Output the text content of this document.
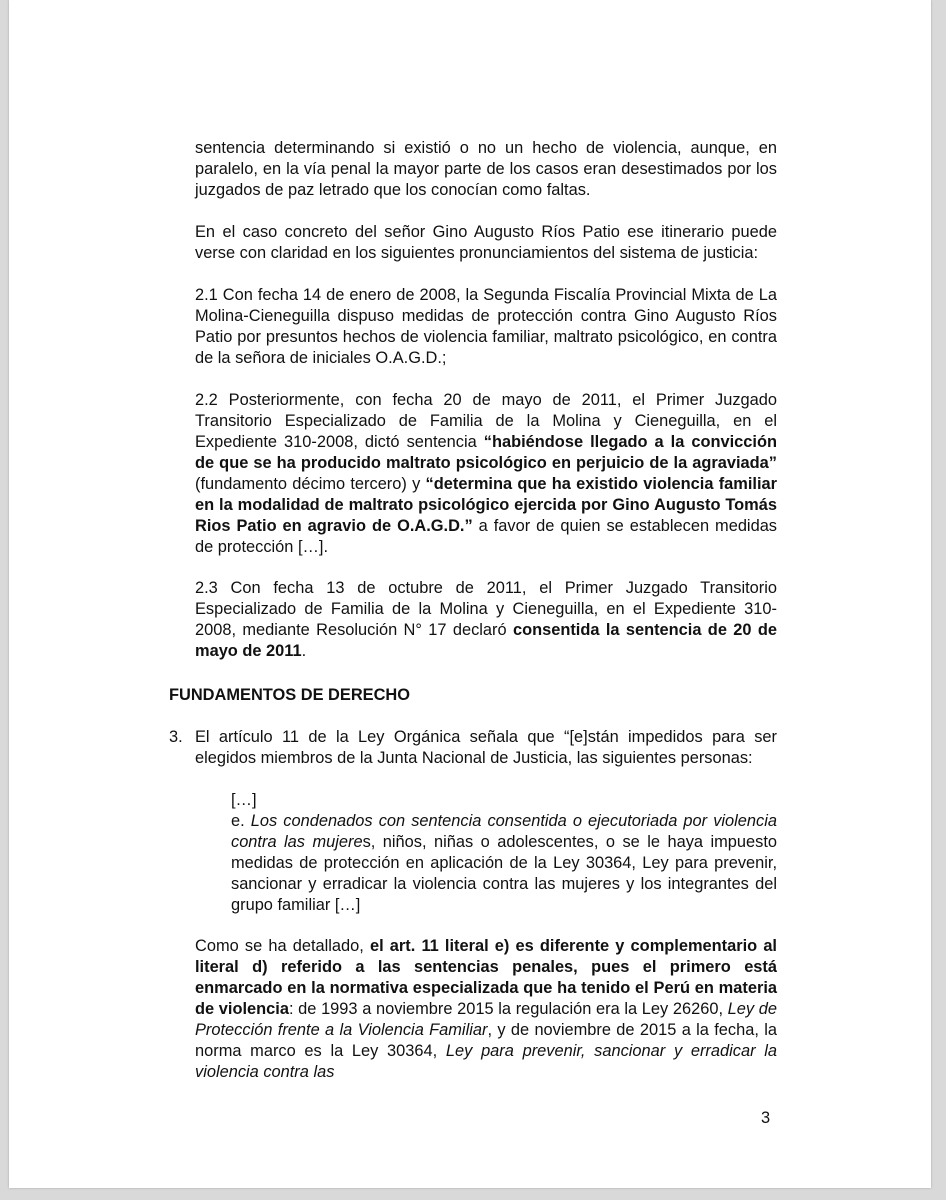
sentencia determinando si existió o no un hecho de violencia, aunque, en paralelo, en la vía penal la mayor parte de los casos eran desestimados por los juzgados de paz letrado que los conocían como faltas.

En el caso concreto del señor Gino Augusto Ríos Patio ese itinerario puede verse con claridad en los siguientes pronunciamientos del sistema de justicia:

2.1 Con fecha 14 de enero de 2008, la Segunda Fiscalía Provincial Mixta de La Molina-Cieneguilla dispuso medidas de protección contra Gino Augusto Ríos Patio por presuntos hechos de violencia familiar, maltrato psicológico, en contra de la señora de iniciales O.A.G.D.;

2.2 Posteriormente, con fecha 20 de mayo de 2011, el Primer Juzgado Transitorio Especializado de Familia de la Molina y Cieneguilla, en el Expediente 310-2008, dictó sentencia “habiéndose llegado a la convicción de que se ha producido maltrato psicológico en perjuicio de la agraviada” (fundamento décimo tercero) y “determina que ha existido violencia familiar en la modalidad de maltrato psicológico ejercida por Gino Augusto Tomás Rios Patio en agravio de O.A.G.D.” a favor de quien se establecen medidas de protección […].

2.3 Con fecha 13 de octubre de 2011, el Primer Juzgado Transitorio Especializado de Familia de la Molina y Cieneguilla, en el Expediente 310-2008, mediante Resolución N° 17 declaró consentida la sentencia de 20 de mayo de 2011.

FUNDAMENTOS DE DERECHO

3. El artículo 11 de la Ley Orgánica señala que “[e]stán impedidos para ser elegidos miembros de la Junta Nacional de Justicia, las siguientes personas:

[…]
e. Los condenados con sentencia consentida o ejecutoriada por violencia contra las mujeres, niños, niñas o adolescentes, o se le haya impuesto medidas de protección en aplicación de la Ley 30364, Ley para prevenir, sancionar y erradicar la violencia contra las mujeres y los integrantes del grupo familiar […]

Como se ha detallado, el art. 11 literal e) es diferente y complementario al literal d) referido a las sentencias penales, pues el primero está enmarcado en la normativa especializada que ha tenido el Perú en materia de violencia: de 1993 a noviembre 2015 la regulación era la Ley 26260, Ley de Protección frente a la Violencia Familiar, y de noviembre de 2015 a la fecha, la norma marco es la Ley 30364, Ley para prevenir, sancionar y erradicar la violencia contra las

3
